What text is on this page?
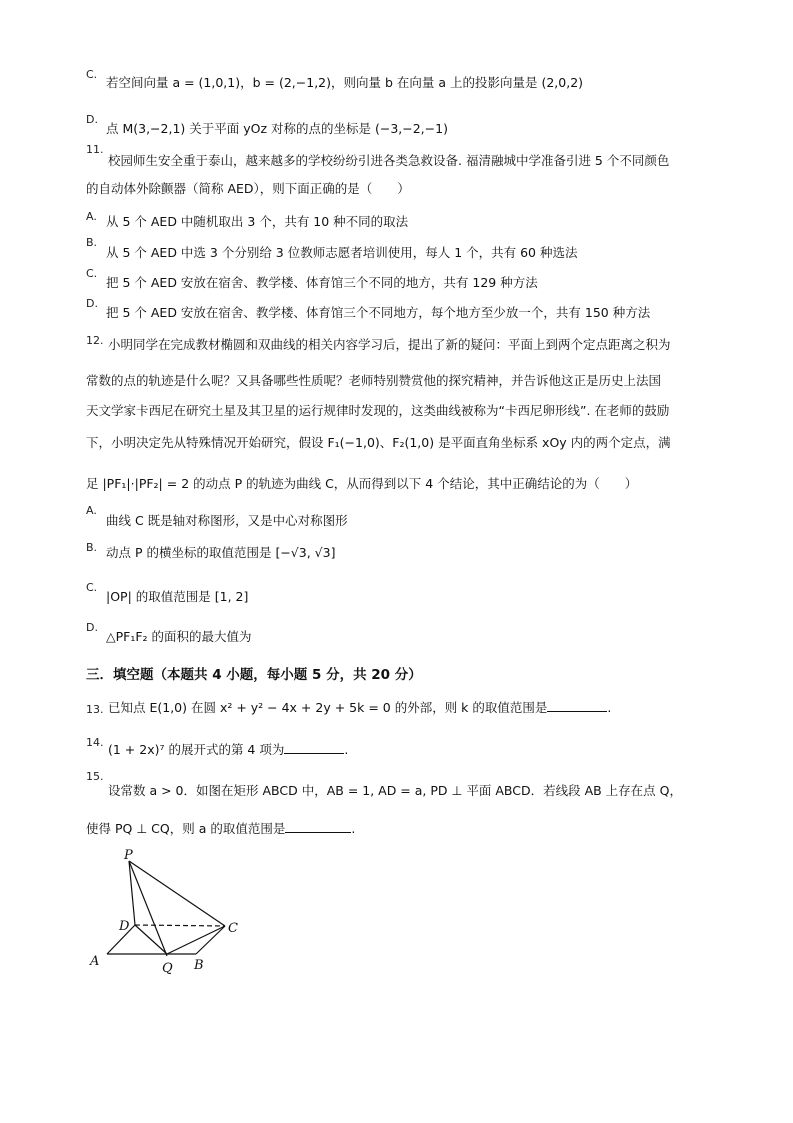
C.
若空间向量 a = (1,0,1)，b = (2,−1,2)，则向量 b 在向量 a 上的投影向量是 (2,0,2)
D.
点 M(3,−2,1) 关于平面 yOz 对称的点的坐标是 (−3,−2,−1)
11.
校园师生安全重于泰山，越来越多的学校纷纷引进各类急救设备. 福清融城中学准备引进 5 个不同颜色
的自动体外除颤器（简称 AED），则下面正确的是（　　）
A. 从 5 个 AED 中随机取出 3 个，共有 10 种不同的取法
B.
从 5 个 AED 中选 3 个分别给 3 位教师志愿者培训使用，每人 1 个，共有 60 种选法
C.
把 5 个 AED 安放在宿舍、教学楼、体育馆三个不同的地方，共有 129 种方法
D.
把 5 个 AED 安放在宿舍、教学楼、体育馆三个不同地方，每个地方至少放一个，共有 150 种方法
12. 小明同学在完成教材椭圆和双曲线的相关内容学习后，提出了新的疑问：平面上到两个定点距离之积为
常数的点的轨迹是什么呢？又具备哪些性质呢？老师特别赞赏他的探究精神，并告诉他这正是历史上法国
天文学家卡西尼在研究土星及其卫星的运行规律时发现的，这类曲线被称为“卡西尼卵形线”. 在老师的鼓励
下，小明决定先从特殊情况开始研究，假设 F₁(−1,0)、F₂(1,0) 是平面直角坐标系 xOy 内的两个定点，满
足 |PF₁|·|PF₂| = 2 的动点 P 的轨迹为曲线 C，从而得到以下 4 个结论，其中正确结论的为（　　）
A.
曲线 C 既是轴对称图形，又是中心对称图形
B. 动点 P 的横坐标的取值范围是 [−√3, √3]
C.
|OP| 的取值范围是 [1, 2]
D.
△PF₁F₂ 的面积的最大值为
三．填空题（本题共 4 小题，每小题 5 分，共 20 分）
13. 已知点 E(1,0) 在圆 x² + y² − 4x + 2y + 5k = 0 的外部，则 k 的取值范围是	.
14. (1 + 2x)⁷ 的展开式的第 4 项为	.
15.
设常数 a > 0．如图在矩形 ABCD 中，AB = 1, AD = a, PD ⊥ 平面 ABCD．若线段 AB 上存在点 Q，
使得 PQ ⊥ CQ，则 a 的取值范围是	.
P
D	C
A	Q B
